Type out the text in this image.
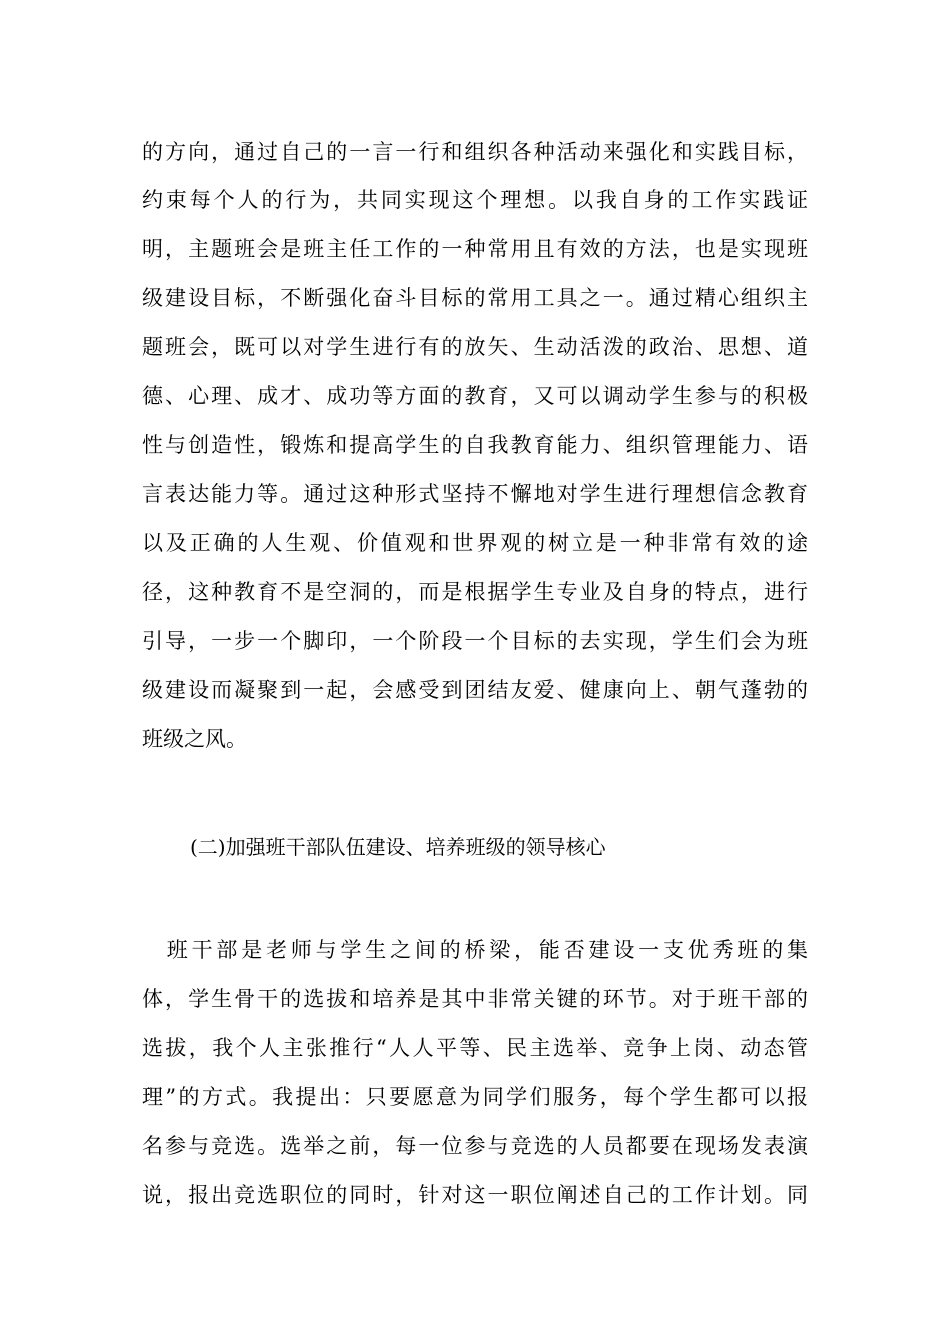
的方向，通过自己的一言一行和组织各种活动来强化和实践目标，
约束每个人的行为，共同实现这个理想。以我自身的工作实践证
明，主题班会是班主任工作的一种常用且有效的方法，也是实现班
级建设目标，不断强化奋斗目标的常用工具之一。通过精心组织主
题班会，既可以对学生进行有的放矢、生动活泼的政治、思想、道
德、心理、成才、成功等方面的教育，又可以调动学生参与的积极
性与创造性，锻炼和提高学生的自我教育能力、组织管理能力、语
言表达能力等。通过这种形式坚持不懈地对学生进行理想信念教育
以及正确的人生观、价值观和世界观的树立是一种非常有效的途
径，这种教育不是空洞的，而是根据学生专业及自身的特点，进行
引导，一步一个脚印，一个阶段一个目标的去实现，学生们会为班
级建设而凝聚到一起，会感受到团结友爱、健康向上、朝气蓬勃的
班级之风。
(二)加强班干部队伍建设、培养班级的领导核心
　班干部是老师与学生之间的桥梁，能否建设一支优秀班的集
体，学生骨干的选拔和培养是其中非常关键的环节。对于班干部的
选拔，我个人主张推行“人人平等、民主选举、竞争上岗、动态管
理”的方式。我提出：只要愿意为同学们服务，每个学生都可以报
名参与竞选。选举之前，每一位参与竞选的人员都要在现场发表演
说，报出竞选职位的同时，针对这一职位阐述自己的工作计划。同
